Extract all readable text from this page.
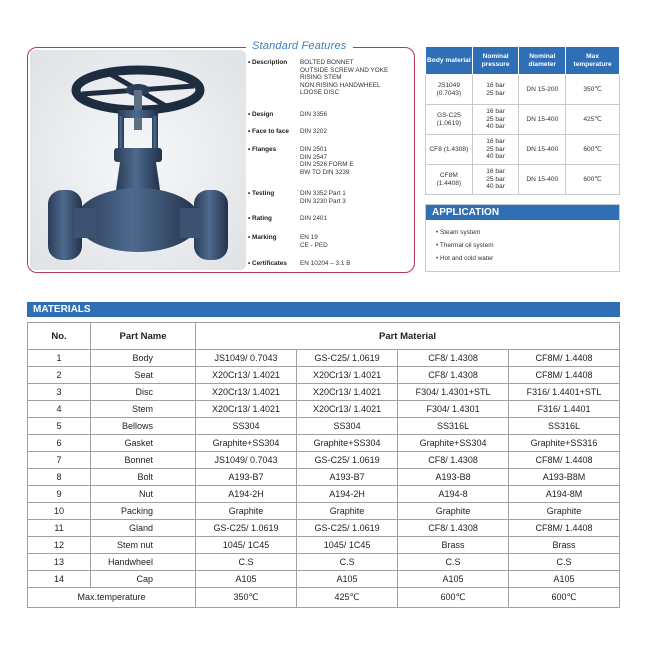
Standard Features
• Description	BOLTED BONNET
OUTSIDE SCREW AND YOKE
RISING STEM
NON RISING HANDWHEEL
LOOSE DISC
• Design	DIN 3356
• Face to face	DIN 3202
• Flanges	DIN 2501
DIN 2547
DIN 2526 FORM E
BW TO DIN 3239
• Testing	DIN 3352 Part 1
DIN 3230 Part 3
• Rating	DIN 2401
• Marking	EN 19
CE - PED
• Certificates	EN 10204 – 3.1 B
Body material	Nominal pressure	Nominal diameter	Max temperature
JS1049 (0.7043)	16 bar
25 bar	DN 15-200	350℃
GS-C25 (1.0619)	16 bar
25 bar
40 bar	DN 15-400	425℃
CF8 (1.4308)	16 bar
25 bar
40 bar	DN 15-400	600℃
CF8M (1.4408)	16 bar
25 bar
40 bar	DN 15-400	600℃
APPLICATION
• Steam system
• Thermal oil system
• Hot and cold water
MATERIALS
No.	Part Name	Part Material			
1	Body	JS1049/ 0.7043	GS-C25/ 1.0619	CF8/ 1.4308	CF8M/ 1.4408
2	Seat	X20Cr13/ 1.4021	X20Cr13/ 1.4021	CF8/ 1.4308	CF8M/ 1.4408
3	Disc	X20Cr13/ 1.4021	X20Cr13/ 1.4021	F304/ 1.4301+STL	F316/ 1.4401+STL
4	Stem	X20Cr13/ 1.4021	X20Cr13/ 1.4021	F304/ 1.4301	F316/ 1.4401
5	Bellows	SS304	SS304	SS316L	SS316L
6	Gasket	Graphite+SS304	Graphite+SS304	Graphite+SS304	Graphite+SS316
7	Bonnet	JS1049/ 0.7043	GS-C25/ 1.0619	CF8/ 1.4308	CF8M/ 1.4408
8	Bolt	A193-B7	A193-B7	A193-B8	A193-B8M
9	Nut	A194-2H	A194-2H	A194-8	A194-8M
10	Packing	Graphite	Graphite	Graphite	Graphite
11	Gland	GS-C25/ 1.0619	GS-C25/ 1.0619	CF8/ 1.4308	CF8M/ 1.4408
12	Stem nut	1045/ 1C45	1045/ 1C45	Brass	Brass
13	Handwheel	C.S	C.S	C.S	C.S
14	Cap	A105	A105	A105	A105
Max.temperature		350℃	425℃	600℃	600℃
